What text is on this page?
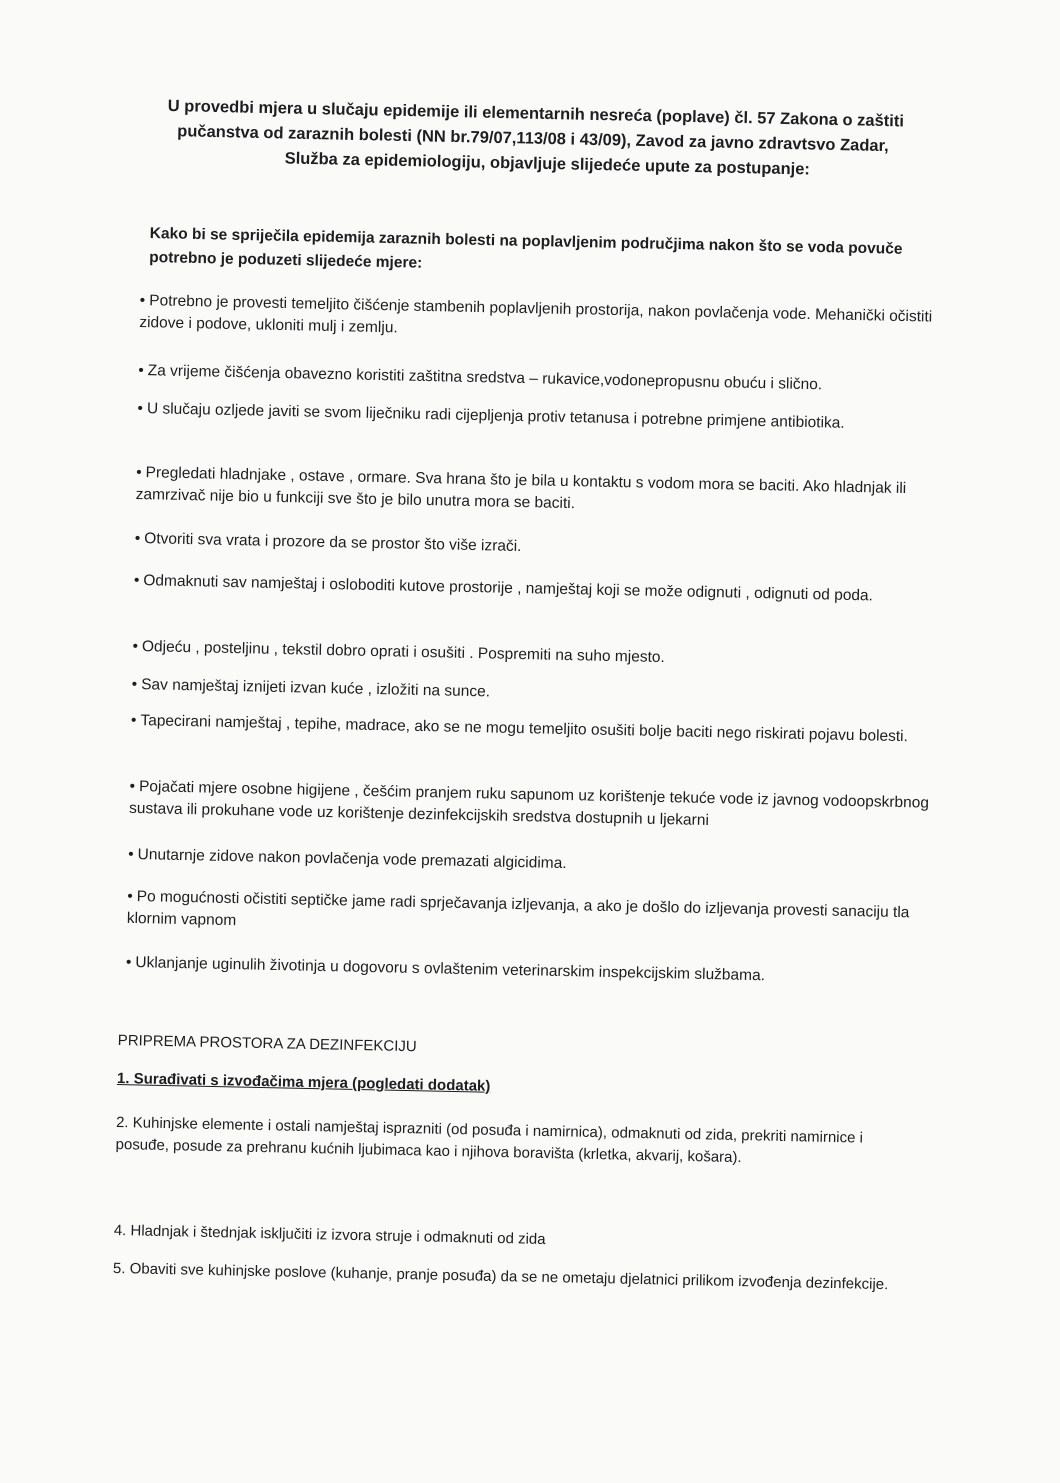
U provedbi mjera u slučaju epidemije ili elementarnih nesreća (poplave) čl. 57 Zakona o zaštiti
pučanstva od zaraznih bolesti (NN br.79/07,113/08 i 43/09), Zavod za javno zdravtsvo Zadar,
Služba za epidemiologiju, objavljuje slijedeće upute za postupanje:
Kako bi se spriječila epidemija zaraznih bolesti na poplavljenim područjima nakon što se voda povuče potrebno je poduzeti slijedeće mjere:

• Potrebno je provesti temeljito čišćenje stambenih poplavljenih prostorija, nakon povlačenja vode. Mehanički očistiti zidove i podove, ukloniti mulj i zemlju.

• Za vrijeme čišćenja obavezno koristiti zaštitna sredstva – rukavice,vodonepropusnu obuću i slično.

• U slučaju ozljede javiti se svom liječniku radi cijepljenja protiv tetanusa i potrebne primjene antibiotika.

• Pregledati hladnjake , ostave , ormare. Sva hrana što je bila u kontaktu s vodom mora se baciti. Ako hladnjak ili zamrzivač nije bio u funkciji sve što je bilo unutra mora se baciti.

• Otvoriti sva vrata i prozore da se prostor što više izrači.

• Odmaknuti sav namještaj i osloboditi kutove prostorije , namještaj koji se može odignuti , odignuti od poda.

• Odjeću , posteljinu , tekstil dobro oprati i osušiti . Pospremiti na suho mjesto.

• Sav namještaj iznijeti izvan kuće , izložiti na sunce.

• Tapecirani namještaj , tepihe, madrace, ako se ne mogu temeljito osušiti bolje baciti nego riskirati pojavu bolesti.

• Pojačati mjere osobne higijene , češćim pranjem ruku sapunom uz korištenje tekuće vode iz javnog vodoopskrbnog sustava ili prokuhane vode uz korištenje dezinfekcijskih sredstva dostupnih u ljekarni

• Unutarnje zidove nakon povlačenja vode premazati algicidima.

• Po mogućnosti očistiti septičke jame radi sprječavanja izljevanja, a ako je došlo do izljevanja provesti sanaciju tla klornim vapnom

• Uklanjanje uginulih životinja u dogovoru s ovlaštenim veterinarskim inspekcijskim službama.

PRIPREMA PROSTORA ZA DEZINFEKCIJU
1. Surađivati s izvođačima mjera (pogledati dodatak)
2. Kuhinjske elemente i ostali namještaj isprazniti (od posuđa i namirnica), odmaknuti od zida, prekriti namirnice i posuđe, posude za prehranu kućnih ljubimaca kao i njihova boravišta (krletka, akvarij, košara).
4. Hladnjak i štednjak isključiti iz izvora struje i odmaknuti od zida
5. Obaviti sve kuhinjske poslove (kuhanje, pranje posuđa) da se ne ometaju djelatnici prilikom izvođenja dezinfekcije.
